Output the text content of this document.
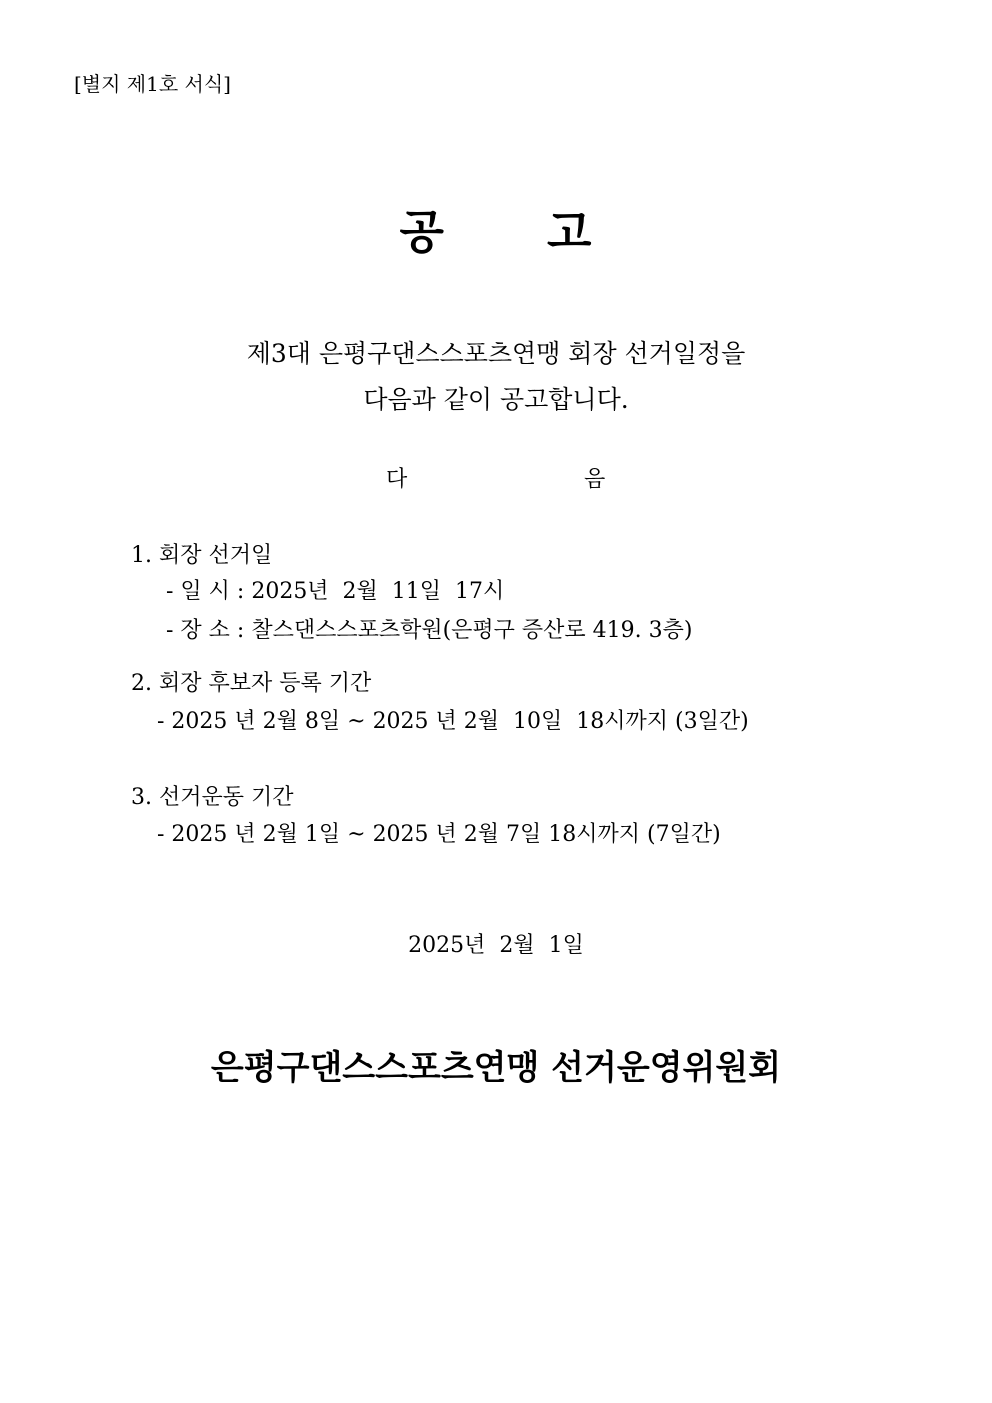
[별지 제1호 서식]
공      고
제3대 은평구댄스스포츠연맹 회장 선거일정을
다음과 같이 공고합니다.
다	음
1. 회장 선거일
- 일 시 : 2025년  2월  11일  17시
- 장 소 : 찰스댄스스포츠학원(은평구 증산로 419. 3층)
2. 회장 후보자 등록 기간
- 2025 년 2월 8일 ~ 2025 년 2월  10일  18시까지 (3일간)
3. 선거운동 기간
- 2025 년 2월 1일 ~ 2025 년 2월 7일 18시까지 (7일간)
2025년  2월  1일
은평구댄스스포츠연맹 선거운영위원회
